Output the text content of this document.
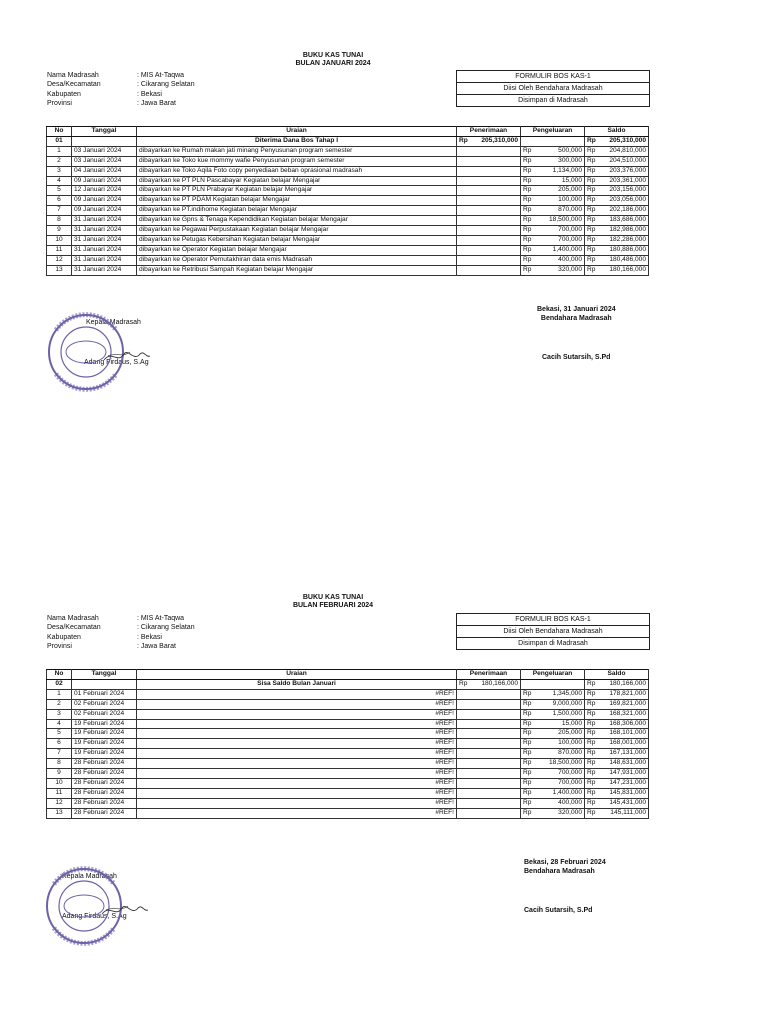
BUKU KAS TUNAI
BULAN JANUARI 2024
Nama Madrasah	: MIS At-Taqwa
Desa/Kecamatan	: Cikarang Selatan
Kabupaten	: Bekasi
Provinsi	: Jawa Barat
FORMULIR BOS KAS-1
Diisi Oleh Bendahara Madrasah
Disimpan di Madrasah
No	Tanggal	Uraian	Penerimaan	Pengeluaran	Saldo
01		Diterima Dana Bos Tahap I	Rp 205,310,000		Rp 205,310,000

1	03 Januari 2024	dibayarkan ke Rumah makan jati minang Penyusunan program semester		Rp 500,000	Rp 204,810,000

2	03 Januari 2024	dibayarkan ke Toko kue mommy wafie Penyusunan program semester		Rp 300,000	Rp 204,510,000

3	04 Januari 2024	dibayarkan ke Toko Aqila Foto copy penyediaan beban oprasional madrasah		Rp 1,134,000	Rp 203,376,000

4	09 Januari 2024	dibayarkan ke PT PLN Pascabayar Kegiatan belajar Mengajar		Rp 15,000	Rp 203,361,000

5	12 Januari 2024	dibayarkan ke PT PLN Prabayar Kegiatan belajar Mengajar		Rp 205,000	Rp 203,156,000

6	09 Januari 2024	dibayarkan ke PT PDAM Kegiatan belajar Mengajar		Rp 100,000	Rp 203,056,000

7	09 Januari 2024	dibayarkan ke PT.indihome Kegiatan belajar Mengajar		Rp 870,000	Rp 202,186,000

8	31 Januari 2024	dibayarkan ke Gpns & Tenaga Kependidikan Kegiatan belajar Mengajar		Rp 18,500,000	Rp 183,686,000

9	31 Januari 2024	dibayarkan ke Pegawai Perpustakaan Kegiatan belajar Mengajar		Rp 700,000	Rp 182,986,000

10	31 Januari 2024	dibayarkan ke Petugas Kebersihan Kegiatan belajar Mengajar		Rp 700,000	Rp 182,286,000

11	31 Januari 2024	dibayarkan ke Operator Kegiatan belajar Mengajar		Rp 1,400,000	Rp 180,886,000

12	31 Januari 2024	dibayarkan ke Operator Pemutakhiran data emis Madrasah		Rp 400,000	Rp 180,486,000

13	31 Januari 2024	dibayarkan ke Retribusi Sampah Kegiatan belajar Mengajar		Rp 320,000	Rp 180,166,000
Bekasi, 31 Januari 2024
Bendahara Madrasah
Cacih Sutarsih, S.Pd
Kepala Madrasah
Adang Firdaus, S.Ag
BUKU KAS TUNAI
BULAN FEBRUARI 2024
Nama Madrasah	: MIS At-Taqwa
Desa/Kecamatan	: Cikarang Selatan
Kabupaten	: Bekasi
Provinsi	: Jawa Barat
FORMULIR BOS KAS-1
Diisi Oleh Bendahara Madrasah
Disimpan di Madrasah
No	Tanggal	Uraian	Penerimaan	Pengeluaran	Saldo
02		Sisa Saldo Bulan Januari	Rp 180,166,000		Rp 180,166,000

1	01 Februari 2024	#REF!		Rp 1,345,000	Rp 178,821,000

2	02 Februari 2024	#REF!		Rp 9,000,000	Rp 169,821,000

3	02 Februari 2024	#REF!		Rp 1,500,000	Rp 168,321,000

4	19 Februari 2024	#REF!		Rp 15,000	Rp 168,306,000

5	19 Februari 2024	#REF!		Rp 205,000	Rp 168,101,000

6	19 Februari 2024	#REF!		Rp 100,000	Rp 168,001,000

7	19 Februari 2024	#REF!		Rp 870,000	Rp 167,131,000

8	28 Februari 2024	#REF!		Rp 18,500,000	Rp 148,631,000

9	28 Februari 2024	#REF!		Rp 700,000	Rp 147,931,000

10	28 Februari 2024	#REF!		Rp 700,000	Rp 147,231,000

11	28 Februari 2024	#REF!		Rp 1,400,000	Rp 145,831,000

12	28 Februari 2024	#REF!		Rp 400,000	Rp 145,431,000

13	28 Februari 2024	#REF!		Rp 320,000	Rp 145,111,000
Bekasi, 28 Februari 2024
Bendahara Madrasah
Cacih Sutarsih, S.Pd
Kepala Madrasah
Adang Firdaus, S.Ag
